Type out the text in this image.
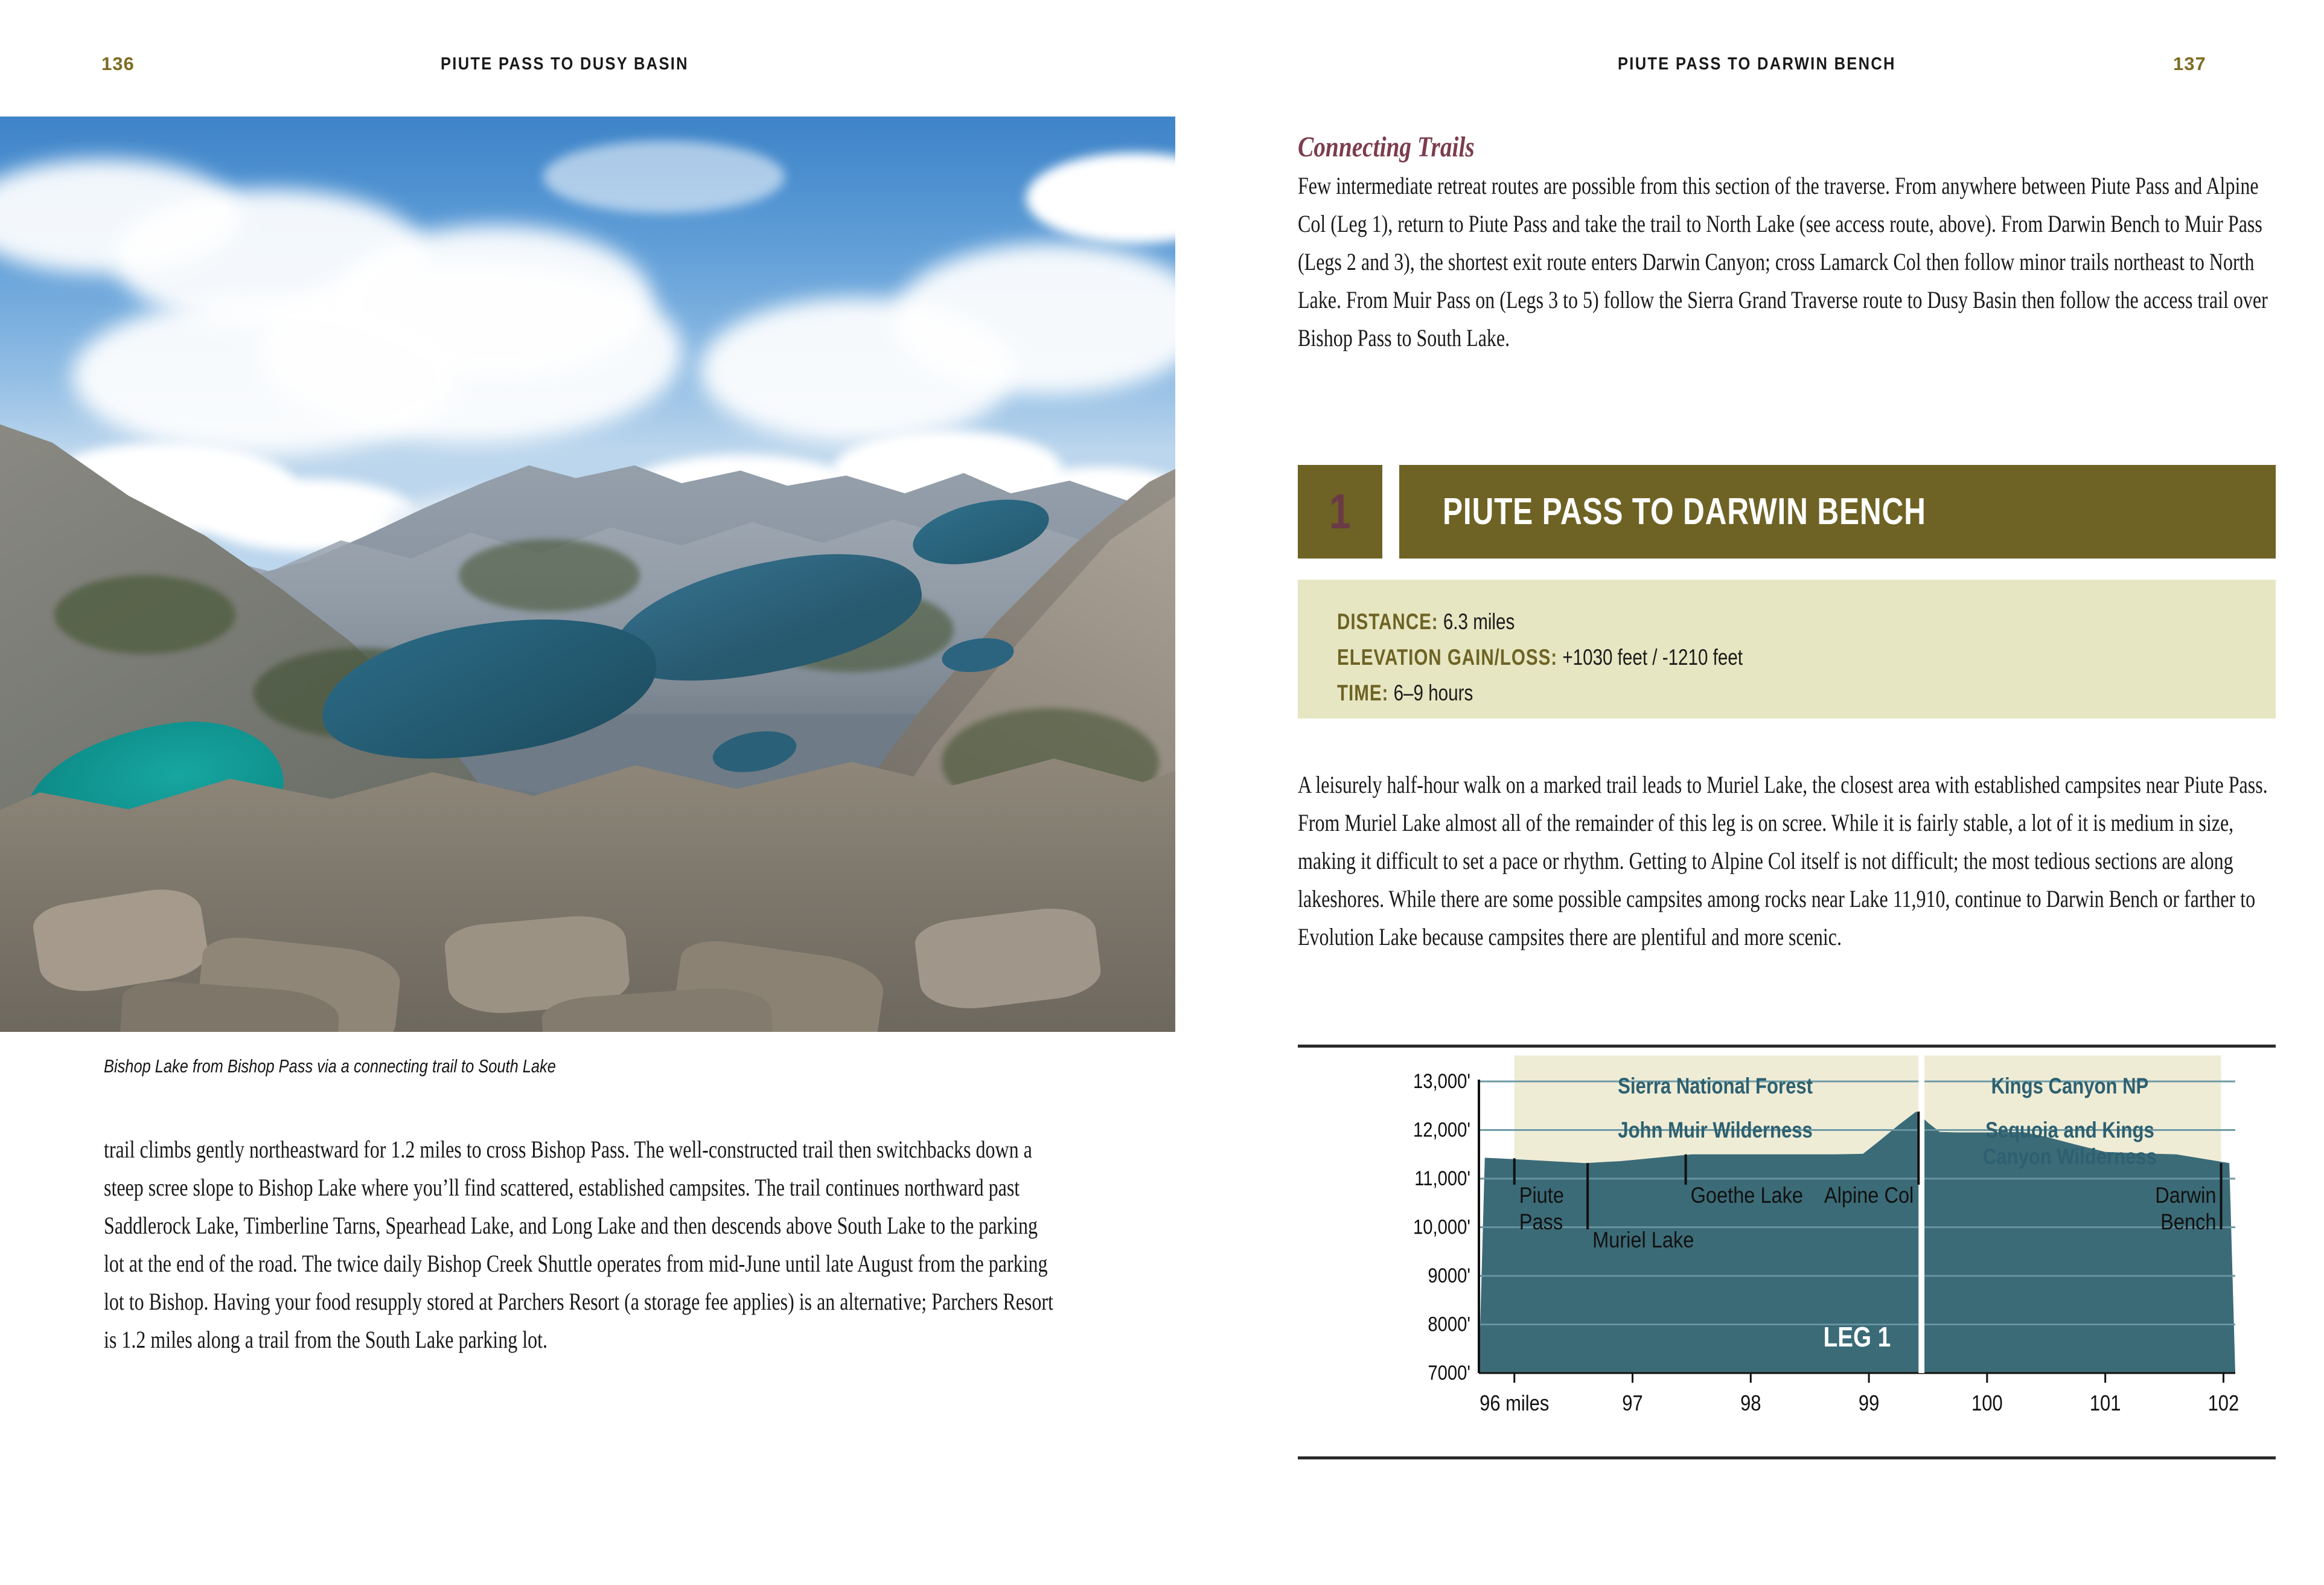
136	PIUTE PASS TO DUSY BASIN	PIUTE PASS TO DARWIN BENCH	137
Bishop Lake from Bishop Pass via a connecting trail to South Lake
trail climbs gently northeastward for 1.2 miles to cross Bishop Pass. The well-constructed trail then switchbacks down a steep scree slope to Bishop Lake where you’ll find scattered, established campsites. The trail continues northward past Saddlerock Lake, Timberline Tarns, Spearhead Lake, and Long Lake and then descends above South Lake to the parking lot at the end of the road. The twice daily Bishop Creek Shuttle operates from mid-June until late August from the parking lot to Bishop. Having your food resupply stored at Parchers Resort (a storage fee applies) is an alternative; Parchers Resort is 1.2 miles along a trail from the South Lake parking lot.
Connecting Trails
Few intermediate retreat routes are possible from this section of the traverse. From anywhere between Piute Pass and Alpine Col (Leg 1), return to Piute Pass and take the trail to North Lake (see access route, above). From Darwin Bench to Muir Pass (Legs 2 and 3), the shortest exit route enters Darwin Canyon; cross Lamarck Col then follow minor trails northeast to North Lake. From Muir Pass on (Legs 3 to 5) follow the Sierra Grand Traverse route to Dusy Basin then follow the access trail over Bishop Pass to South Lake.
1 PIUTE PASS TO DARWIN BENCH
DISTANCE: 6.3 miles
ELEVATION GAIN/LOSS: +1030 feet / -1210 feet
TIME: 6–9 hours
A leisurely half-hour walk on a marked trail leads to Muriel Lake, the closest area with established campsites near Piute Pass. From Muriel Lake almost all of the remainder of this leg is on scree. While it is fairly stable, a lot of it is medium in size, making it difficult to set a pace or rhythm. Getting to Alpine Col itself is not difficult; the most tedious sections are along lakeshores. While there are some possible campsites among rocks near Lake 11,910, continue to Darwin Bench or farther to Evolution Lake because campsites there are plentiful and more scenic.
7000'
8000'
9000'
10,000'
11,000'
12,000'
13,000'
96 miles	97	98	99	100	101	102
Sierra National Forest
John Muir Wilderness
Kings Canyon NP
Sequoia and Kings
Canyon Wilderness
Piute
Pass
Muriel Lake
Goethe Lake Alpine Col	Darwin
Bench
LEG 1
